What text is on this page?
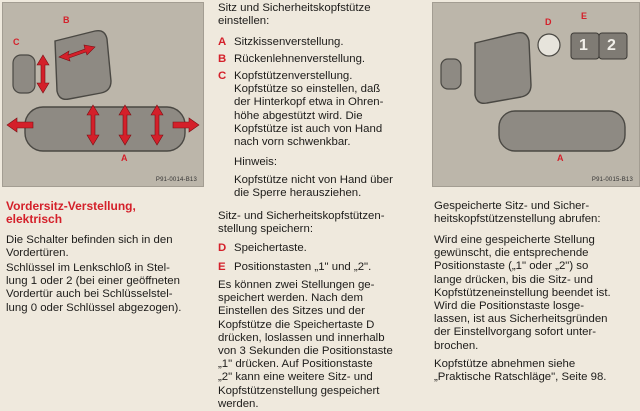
C
B
A
P91-0014-B13
D
E
A
1 2
P91-0015-B13
Vordersitz-Verstellung,
elektrisch
Die Schalter befinden sich in den
Vordertüren.
Schlüssel im Lenkschloß in Stel-
lung 1 oder 2 (bei einer geöffneten
Vordertür auch bei Schlüsselstel-
lung 0 oder Schlüssel abgezogen).
Sitz und Sicherheitskopfstütze
einstellen:
A Sitzkissenverstellung.
B Rückenlehnenverstellung.
C Kopfstützenverstellung.
Kopfstütze so einstellen, daß
der Hinterkopf etwa in Ohren-
höhe abgestützt wird. Die
Kopfstütze ist auch von Hand
nach vorn schwenkbar.
Hinweis:
Kopfstütze nicht von Hand über
die Sperre herausziehen.
Sitz- und Sicherheitskopfstützen-
stellung speichern:
D Speichertaste.
E Positionstasten „1" und „2".
Es können zwei Stellungen ge-
speichert werden. Nach dem
Einstellen des Sitzes und der
Kopfstütze die Speichertaste D
drücken, loslassen und innerhalb
von 3 Sekunden die Positionstaste
„1" drücken. Auf Positionstaste
„2" kann eine weitere Sitz- und
Kopfstützenstellung gespeichert
werden.
Gespeicherte Sitz- und Sicher-
heitskopfstützenstellung abrufen:
Wird eine gespeicherte Stellung
gewünscht, die entsprechende
Positionstaste („1" oder „2") so
lange drücken, bis die Sitz- und
Kopfstützeneinstellung beendet ist.
Wird die Positionstaste losge-
lassen, ist aus Sicherheitsgründen
der Einstellvorgang sofort unter-
brochen.
Kopfstütze abnehmen siehe
„Praktische Ratschläge", Seite 98.
